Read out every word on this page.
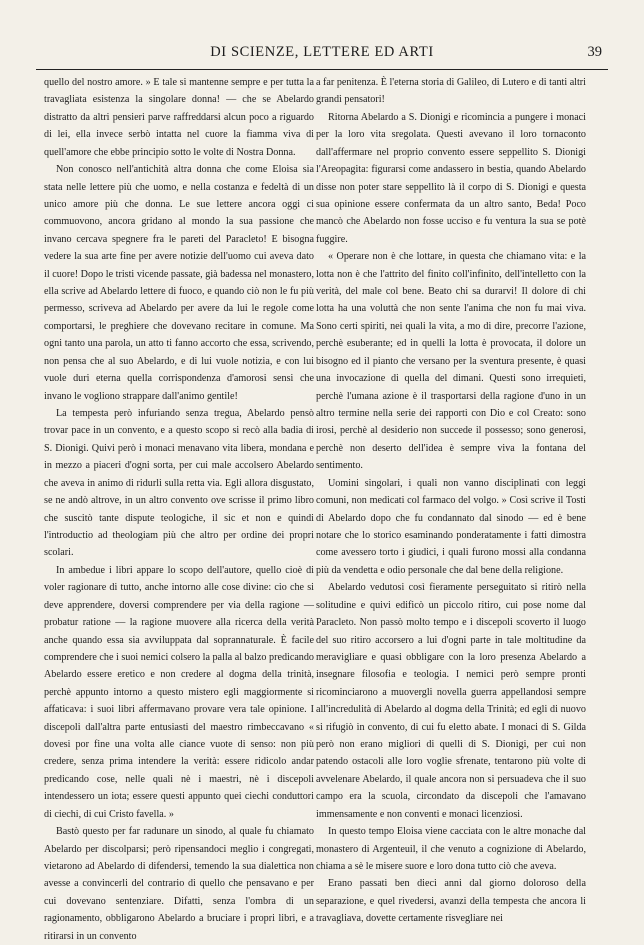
DI SCIENZE, LETTERE ED ARTI	39

quello del nostro amore. » E tale si mantenne sempre e per tutta la travagliata esistenza la singolare donna! — che se Abelardo distratto da altri pensieri parve raffreddarsi alcun poco a riguardo di lei, ella invece serbò intatta nel cuore la fiamma viva di quell'amore che ebbe principio sotto le volte di Nostra Donna.

Non conosco nell'antichità altra donna che come Eloisa sia stata nelle lettere più che uomo, e nella costanza e fedeltà di un unico amore più che donna. Le sue lettere ancora oggi ci commuovono, ancora gridano al mondo la sua passione che invano cercava spegnere fra le pareti del Paracleto! E bisogna vedere la sua arte fine per avere notizie dell'uomo cui aveva dato il cuore! Dopo le tristi vicende passate, già badessa nel monastero, ella scrive ad Abelardo lettere di fuoco, e quando ciò non le fu più permesso, scriveva ad Abelardo per avere da lui le regole come comportarsi, le preghiere che dovevano recitare in comune. Ma ogni tanto una parola, un atto ti fanno accorto che essa, scrivendo, non pensa che al suo Abelardo, e di lui vuole notizia, e con lui vuole duri eterna quella corrispondenza d'amorosi sensi che invano le vogliono strappare dall'animo gentile!

La tempesta però infuriando senza tregua, Abelardo pensò trovar pace in un convento, e a questo scopo si recò alla badia di S. Dionigi. Quivi però i monaci menavano vita libera, mondana e in mezzo a piaceri d'ogni sorta, per cui male accolsero Abelardo che aveva in animo di ridurli sulla retta via. Egli allora disgustato, se ne andò altrove, in un altro convento ove scrisse il primo libro che suscitò tante dispute teologiche, il sic et non e quindi l'introductio ad theologiam più che altro per ordine dei propri scolari.

In ambedue i libri appare lo scopo dell'autore, quello cioè di voler ragionare di tutto, anche intorno alle cose divine: cio che si deve apprendere, doversi comprendere per via della ragione — probatur ratione — la ragione muovere alla ricerca della verità anche quando essa sia avviluppata dal soprannaturale. È facile comprendere che i suoi nemici colsero la palla al balzo predicando Abelardo essere eretico e non credere al dogma della trinità, perchè appunto intorno a questo mistero egli maggiormente si affaticava: i suoi libri affermavano provare vera tale opinione. I discepoli dall'altra parte entusiasti del maestro rimbeccavano « dovesi por fine una volta alle ciance vuote di senso: non più credere, senza prima intendere la verità: essere ridicolo andar predicando cose, nelle quali nè i maestri, nè i discepoli intendessero un iota; essere questi appunto quei ciechi conduttori di ciechi, di cui Cristo favella. »

Bastò questo per far radunare un sinodo, al quale fu chiamato Abelardo per discolparsi; però ripensandoci meglio i congregati, vietarono ad Abelardo di difendersi, temendo la sua dialettica non avesse a convincerli del contrario di quello che pensavano e per cui dovevano sentenziare. Difatti, senza l'ombra di un ragionamento, obbligarono Abelardo a bruciare i propri libri, e a ritirarsi in un convento

a far penitenza. È l'eterna storia di Galileo, di Lutero e di tanti altri grandi pensatori!

Ritorna Abelardo a S. Dionigi e ricomincia a pungere i monaci per la loro vita sregolata. Questi avevano il loro tornaconto dall'affermare nel proprio convento essere seppellito S. Dionigi l'Areopagita: figurarsi come andassero in bestia, quando Abelardo disse non poter stare seppellito là il corpo di S. Dionigi e questa sua opinione essere confermata da un altro santo, Beda! Poco mancò che Abelardo non fosse ucciso e fu ventura la sua se potè fuggire.

« Operare non è che lottare, in questa che chiamano vita: e la lotta non è che l'attrito del finito coll'infinito, dell'intelletto con la verità, del male col bene. Beato chi sa durarvi! Il dolore di chi lotta ha una voluttà che non sente l'anima che non fu mai viva. Sono certi spiriti, nei quali la vita, a mo di dire, precorre l'azione, perchè esuberante; ed in quelli la lotta è provocata, il dolore un bisogno ed il pianto che versano per la sventura presente, è quasi una invocazione di quella del dimani. Questi sono irrequieti, perchè l'umana azione è il trasportarsi della ragione d'uno in un altro termine nella serie dei rapporti con Dio e col Creato: sono irosi, perchè al desiderio non succede il possesso; sono generosi, perchè non deserto dell'idea è sempre viva la fontana del sentimento.

Uomini singolari, i quali non vanno disciplinati con leggi comuni, non medicati col farmaco del volgo. » Così scrive il Tosti di Abelardo dopo che fu condannato dal sinodo — ed è bene notare che lo storico esaminando ponderatamente i fatti dimostra come avessero torto i giudici, i quali furono mossi alla condanna più da vendetta e odio personale che dal bene della religione.

Abelardo vedutosi così fieramente perseguitato si ritirò nella solitudine e quivi edificò un piccolo ritiro, cui pose nome dal Paracleto. Non passò molto tempo e i discepoli scoverto il luogo del suo ritiro accorsero a lui d'ogni parte in tale moltitudine da meravigliare e quasi obbligare con la loro presenza Abelardo a insegnare filosofia e teologia. I nemici però sempre pronti ricominciarono a muovergli novella guerra appellandosi sempre all'incredulità di Abelardo al dogma della Trinità; ed egli di nuovo si rifugiò in convento, di cui fu eletto abate. I monaci di S. Gilda però non erano migliori di quelli di S. Dionigi, per cui non patendo ostacoli alle loro voglie sfrenate, tentarono più volte di avvelenare Abelardo, il quale ancora non si persuadeva che il suo campo era la scuola, circondato da discepoli che l'amavano immensamente e non conventi e monaci licenziosi.

In questo tempo Eloisa viene cacciata con le altre monache dal monastero di Argenteuil, il che venuto a cognizione di Abelardo, chiama a sè le misere suore e loro dona tutto ciò che aveva.

Erano passati ben dieci anni dal giorno doloroso della separazione, e quel rivedersi, avanzi della tempesta che ancora li travagliava, dovette certamente risvegliare nei
